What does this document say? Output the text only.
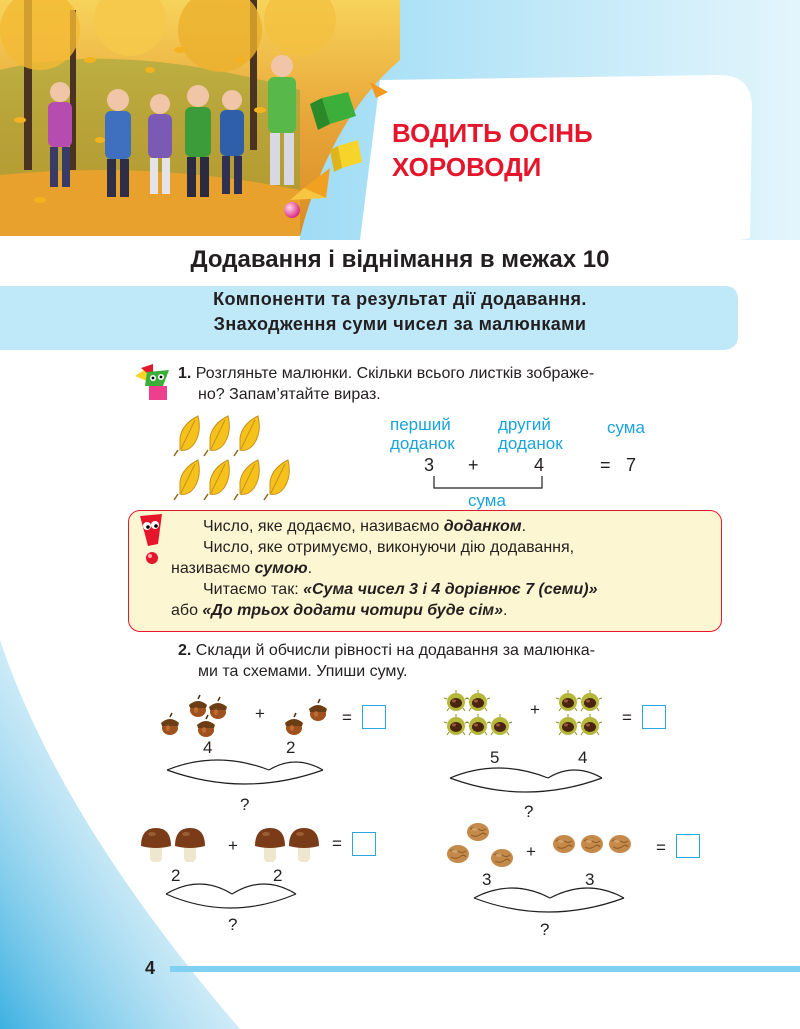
ВОДИТЬ ОСІНЬ
ХОРОВОДИ
Додавання і віднімання в межах 10
Компоненти та результат дії додавання.
Знаходження суми чисел за малюнками
1. Розгляньте малюнки. Скільки всього листків зображе-
но? Запам’ятайте вираз.
перший
доданок
другий
доданок
сума
3 +	4	= 7
сума

Число, яке додаємо, називаємо доданком.

Число, яке отримуємо, виконуючи дію додавання,

називаємо сумою.

Читаємо так: «Сума чисел 3 і 4 дорівнює 7 (семи)»

або «До трьох додати чотири буде сім».

2. Склади й обчисли рівності на додавання за малюнка-
ми та схемами. Упиши суму.
+	=
4	2
?
+	=
5	4
?
+	=
2	2
?
+	=
3	3
?
4
